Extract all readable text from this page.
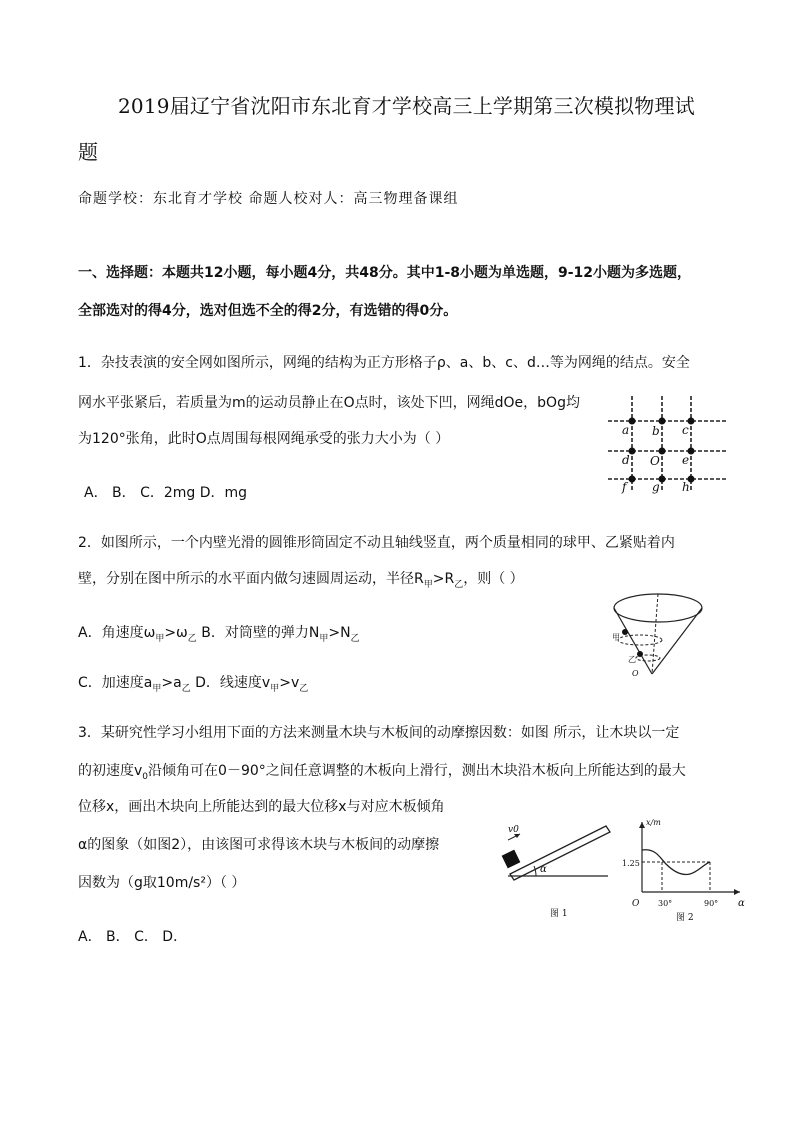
2019届辽宁省沈阳市东北育才学校高三上学期第三次模拟物理试
题
命题学校：东北育才学校 命题人校对人：高三物理备课组
一、选择题：本题共12小题，每小题4分，共48分。其中1-8小题为单选题，9-12小题为多选题，
全部选对的得4分，选对但选不全的得2分，有选错的得0分。
1．杂技表演的安全网如图所示，网绳的结构为正方形格子ρ、a、b、c、d…等为网绳的结点。安全
网水平张紧后，若质量为m的运动员静止在O点时，该处下凹，网绳dOe，bOg均
为120°张角，此时O点周围每根网绳承受的张力大小为（ ）
A． B． C．2mg D．mg
a b c
d O e
f g h
2．如图所示，一个内壁光滑的圆锥形筒固定不动且轴线竖直，两个质量相同的球甲、乙紧贴着内
壁，分别在图中所示的水平面内做匀速圆周运动，半径$R_甲>R_乙$，则（ ）
A．角速度$\omega_甲>\omega_乙$ B．对筒壁的弹力$N_甲>N_乙$
C．加速度$a_甲>a_乙$ D．线速度$v_甲>v_乙$
甲
乙
O
3．某研究性学习小组用下面的方法来测量木块与木板间的动摩擦因数：如图 所示，让木块以一定
的初速度$v_0$沿倾角可在0－90°之间任意调整的木板向上滑行，测出木块沿木板向上所能达到的最大
位移x，画出木块向上所能达到的最大位移x与对应木板倾角
α的图象（如图2），由该图可求得该木块与木板间的动摩擦
因数为（g取10m/s²）（ ）
A． B． C． D．
v0
α
图 1
x/m
α
1.25
O 30°	90°
图 2
